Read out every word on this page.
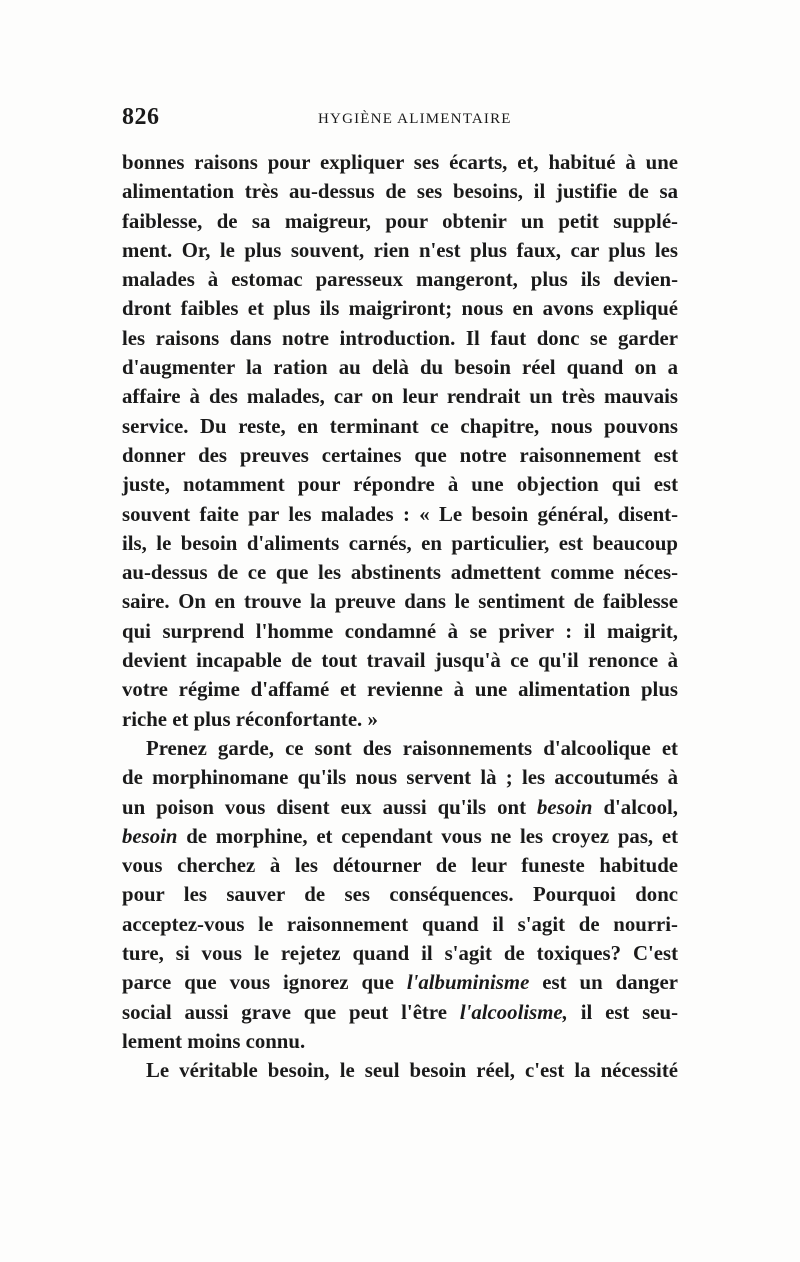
826	HYGIÈNE ALIMENTAIRE
bonnes raisons pour expliquer ses écarts, et, habitué à une
alimentation très au-dessus de ses besoins, il justifie de sa
faiblesse, de sa maigreur, pour obtenir un petit supplé-
ment. Or, le plus souvent, rien n'est plus faux, car plus les
malades à estomac paresseux mangeront, plus ils devien-
dront faibles et plus ils maigriront; nous en avons expliqué
les raisons dans notre introduction. Il faut donc se garder
d'augmenter la ration au delà du besoin réel quand on a
affaire à des malades, car on leur rendrait un très mauvais
service. Du reste, en terminant ce chapitre, nous pouvons
donner des preuves certaines que notre raisonnement est
juste, notamment pour répondre à une objection qui est
souvent faite par les malades : « Le besoin général, disent-
ils, le besoin d'aliments carnés, en particulier, est beaucoup
au-dessus de ce que les abstinents admettent comme néces-
saire. On en trouve la preuve dans le sentiment de faiblesse
qui surprend l'homme condamné à se priver : il maigrit,
devient incapable de tout travail jusqu'à ce qu'il renonce à
votre régime d'affamé et revienne à une alimentation plus
riche et plus réconfortante. »
Prenez garde, ce sont des raisonnements d'alcoolique et
de morphinomane qu'ils nous servent là ; les accoutumés à
un poison vous disent eux aussi qu'ils ont besoin d'alcool,
besoin de morphine, et cependant vous ne les croyez pas, et
vous cherchez à les détourner de leur funeste habitude
pour les sauver de ses conséquences. Pourquoi donc
acceptez-vous le raisonnement quand il s'agit de nourri-
ture, si vous le rejetez quand il s'agit de toxiques? C'est
parce que vous ignorez que l'albuminisme est un danger
social aussi grave que peut l'être l'alcoolisme, il est seu-
lement moins connu.
Le véritable besoin, le seul besoin réel, c'est la nécessité
